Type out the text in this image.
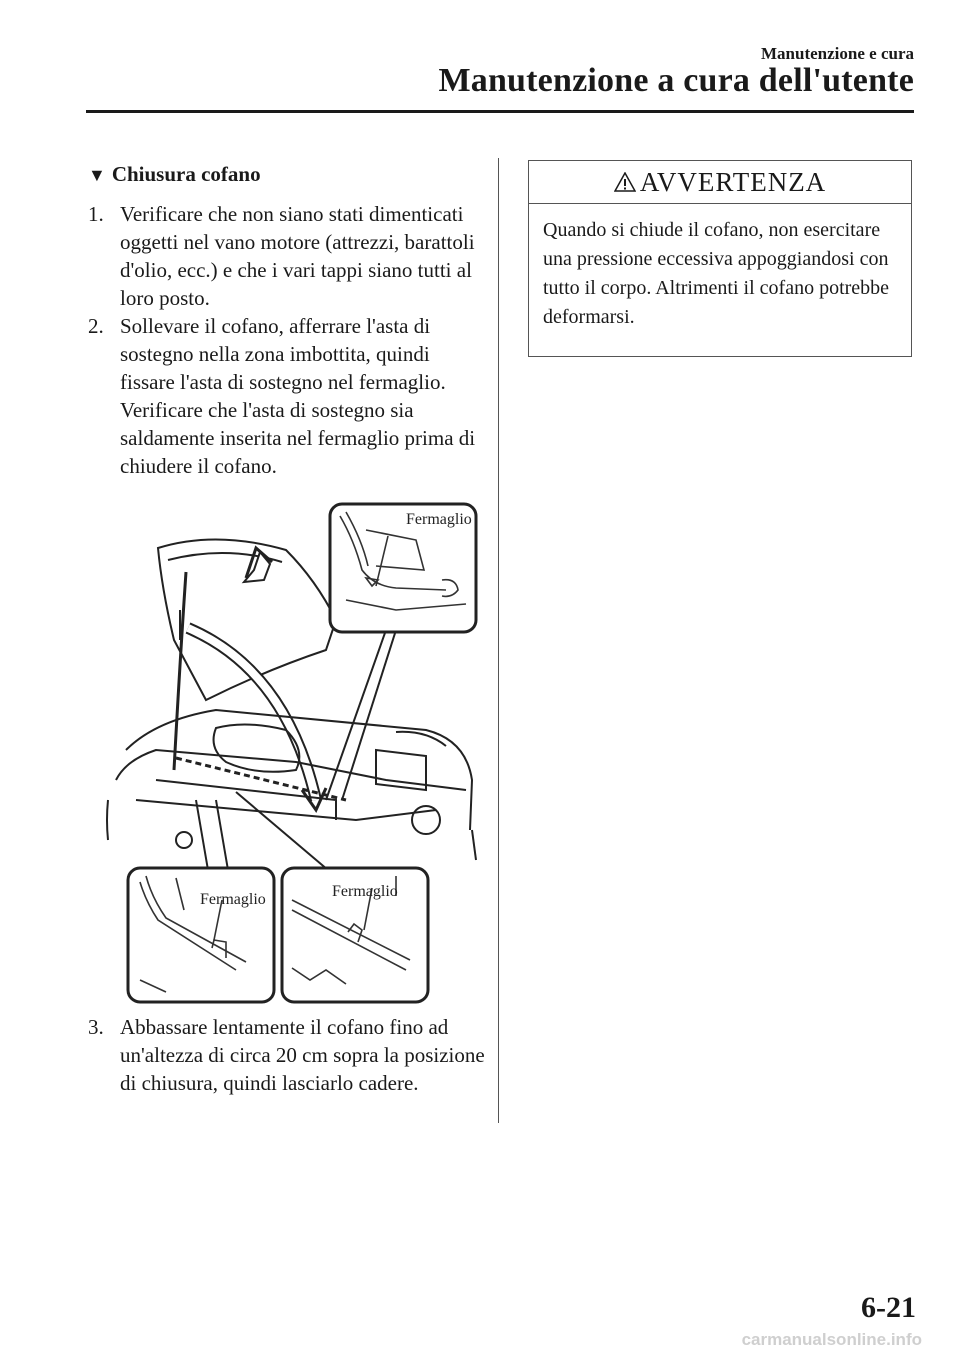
Manutenzione e cura
Manutenzione a cura dell'utente
▼ Chiusura cofano

1. Verificare che non siano stati dimenticati oggetti nel vano motore (attrezzi, barattoli d'olio, ecc.) e che i vari tappi siano tutti al loro posto.

2. Sollevare il cofano, afferrare l'asta di sostegno nella zona imbottita, quindi fissare l'asta di sostegno nel fermaglio. Verificare che l'asta di sostegno sia saldamente inserita nel fermaglio prima di chiudere il cofano.

Fermaglio
Fermaglio	Fermaglio

3. Abbassare lentamente il cofano fino ad un'altezza di circa 20 cm sopra la posizione di chiusura, quindi lasciarlo cadere.

AVVERTENZA
Quando si chiude il cofano, non esercitare una pressione eccessiva appoggiandosi con tutto il corpo. Altrimenti il cofano potrebbe deformarsi.
6-21
carmanualsonline.info
